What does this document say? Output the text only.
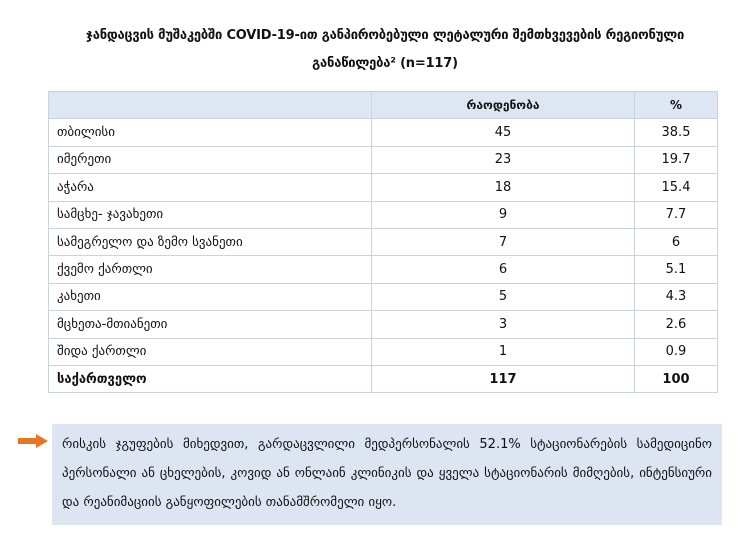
ჯანდაცვის მუშაკებში COVID-19-ით განპირობებული ლეტალური შემთხვევების რეგიონული
განაწილება² (n=117)
	რაოდენობა	%
თბილისი	45	38.5
იმერეთი	23	19.7
აჭარა	18	15.4
სამცხე- ჯავახეთი	9	7.7
სამეგრელო და ზემო სვანეთი	7	6
ქვემო ქართლი	6	5.1
კახეთი	5	4.3
მცხეთა-მთიანეთი	3	2.6
შიდა ქართლი	1	0.9
საქართველო	117	100
რისკის ჯგუფების მიხედვით, გარდაცვლილი მედპერსონალის 52.1% სტაციონარების სამედიცინო პერსონალი ან ცხელების, კოვიდ ან ონლაინ კლინიკის და ყველა სტაციონარის მიმღების, ინტენსიური და რეანიმაციის განყოფილების თანამშრომელი იყო.
